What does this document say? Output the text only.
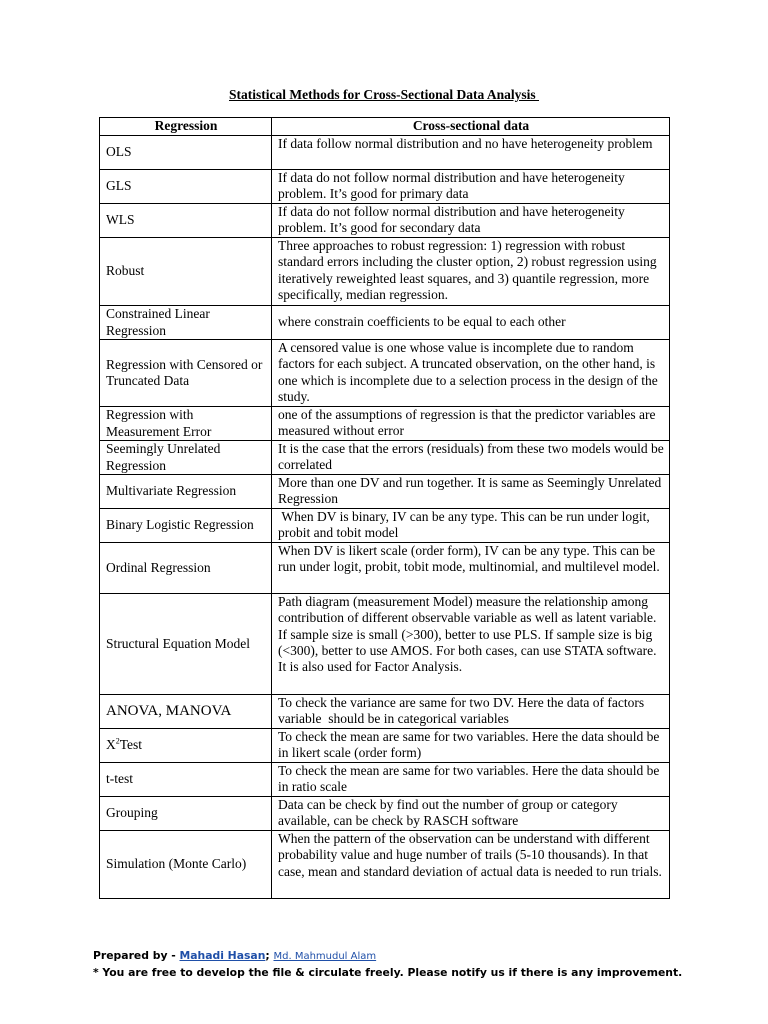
Statistical Methods for Cross-Sectional Data Analysis
Regression	Cross-sectional data
OLS	If data follow normal distribution and no have heterogeneity problem
GLS	If data do not follow normal distribution and have heterogeneity problem. It’s good for primary data
WLS	If data do not follow normal distribution and have heterogeneity problem. It’s good for secondary data
Robust	Three approaches to robust regression: 1) regression with robust standard errors including the cluster option, 2) robust regression using iteratively reweighted least squares, and 3) quantile regression, more specifically, median regression.
Constrained Linear Regression	where constrain coefficients to be equal to each other
Regression with Censored or Truncated Data	A censored value is one whose value is incomplete due to random factors for each subject. A truncated observation, on the other hand, is one which is incomplete due to a selection process in the design of the study.
Regression with Measurement Error	one of the assumptions of regression is that the predictor variables are measured without error
Seemingly Unrelated Regression	It is the case that the errors (residuals) from these two models would be correlated
Multivariate Regression	More than one DV and run together. It is same as Seemingly Unrelated Regression
Binary Logistic Regression	When DV is binary, IV can be any type. This can be run under logit, probit and tobit model
Ordinal Regression	When DV is likert scale (order form), IV can be any type. This can be run under logit, probit, tobit mode, multinomial, and multilevel model.
Structural Equation Model	Path diagram (measurement Model) measure the relationship among contribution of different observable variable as well as latent variable. If sample size is small (>300), better to use PLS. If sample size is big (<300), better to use AMOS. For both cases, can use STATA software. It is also used for Factor Analysis.
ANOVA, MANOVA	To check the variance are same for two DV. Here the data of factors variable  should be in categorical variables
$X^2Test$	To check the mean are same for two variables. Here the data should be in likert scale (order form)
t-test	To check the mean are same for two variables. Here the data should be in ratio scale
Grouping	Data can be check by find out the number of group or category available, can be check by RASCH software
Simulation (Monte Carlo)	When the pattern of the observation can be understand with different probability value and huge number of trails (5-10 thousands). In that case, mean and standard deviation of actual data is needed to run trials.
Prepared by - Mahadi Hasan; Md. Mahmudul Alam
* You are free to develop the file & circulate freely. Please notify us if there is any improvement.
